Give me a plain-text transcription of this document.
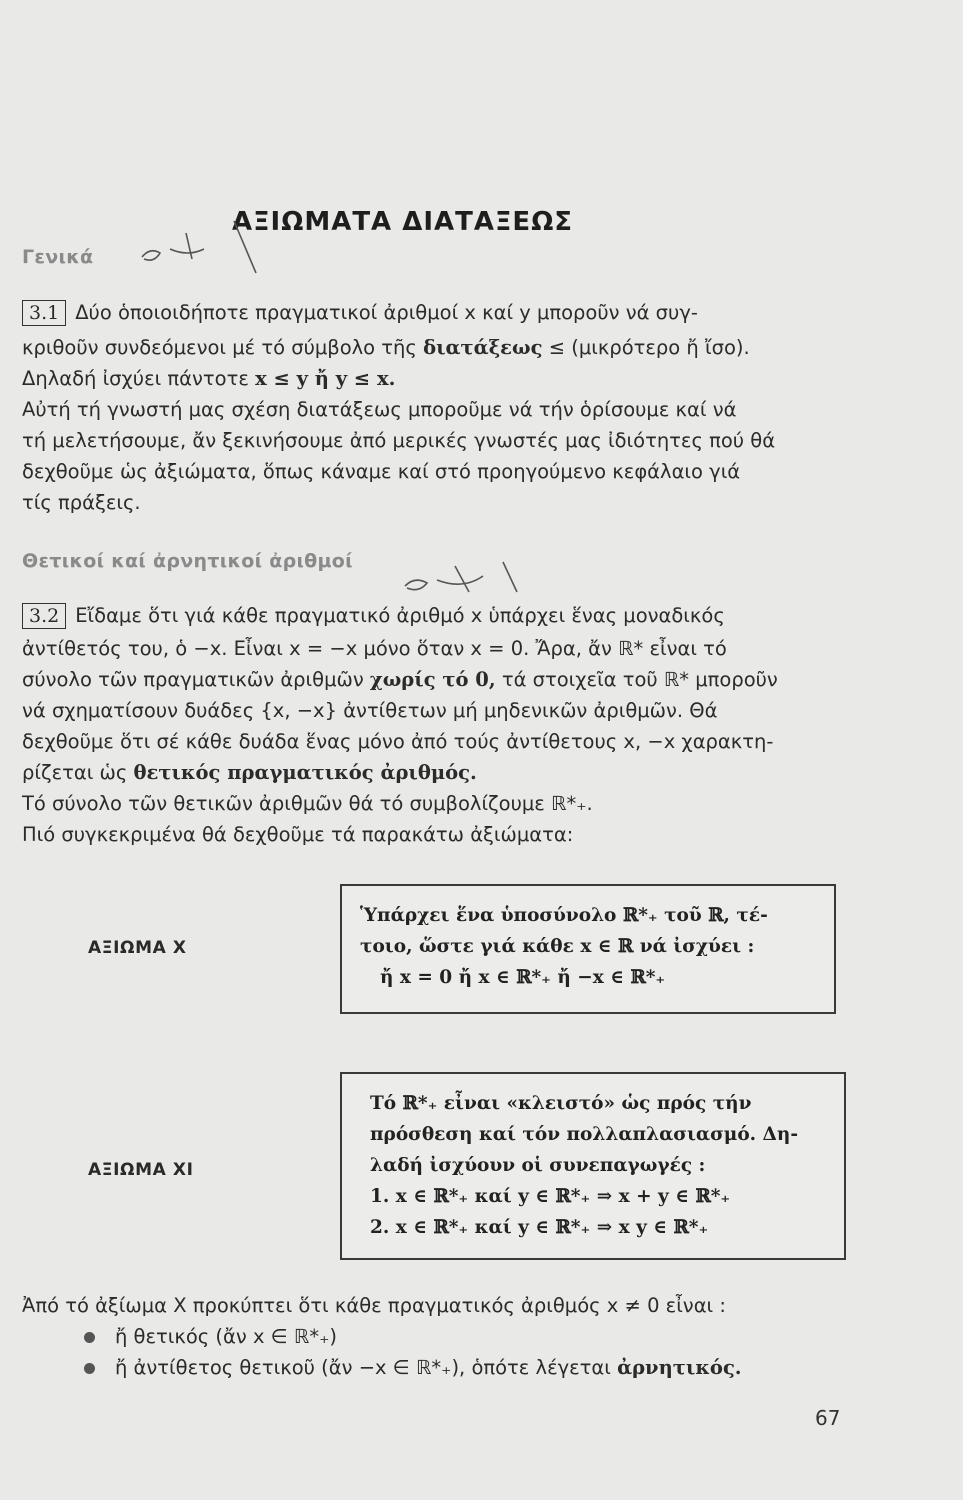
ΑΞΙΩΜΑΤΑ ΔΙΑΤΑΞΕΩΣ
Γενικά
3.1 Δύο ὁποιοιδήποτε πραγματικοί ἀριθμοί x καί y μποροῦν νά συγ-
κριθοῦν συνδεόμενοι μέ τό σύμβολο τῆς διατάξεως ≤ (μικρότερο ἤ ἴσο).
Δηλαδή ἰσχύει πάντοτε x ≤ y ἤ y ≤ x.
Αὐτή τή γνωστή μας σχέση διατάξεως μποροῦμε νά τήν ὁρίσουμε καί νά
τή μελετήσουμε, ἄν ξεκινήσουμε ἀπό μερικές γνωστές μας ἰδιότητες πού θά
δεχθοῦμε ὡς ἀξιώματα, ὅπως κάναμε καί στό προηγούμενο κεφάλαιο γιά
τίς πράξεις.
Θετικοί καί ἀρνητικοί ἀριθμοί
3.2 Εἴδαμε ὅτι γιά κάθε πραγματικό ἀριθμό x ὑπάρχει ἕνας μοναδικός
ἀντίθετός του, ὁ −x. Εἶναι x = −x μόνο ὅταν x = 0. Ἄρα, ἄν ℝ* εἶναι τό
σύνολο τῶν πραγματικῶν ἀριθμῶν χωρίς τό 0, τά στοιχεῖα τοῦ ℝ* μποροῦν
νά σχηματίσουν δυάδες {x, −x} ἀντίθετων μή μηδενικῶν ἀριθμῶν. Θά
δεχθοῦμε ὅτι σέ κάθε δυάδα ἕνας μόνο ἀπό τούς ἀντίθετους x, −x χαρακτη-
ρίζεται ὡς θετικός πραγματικός ἀριθμός.
Τό σύνολο τῶν θετικῶν ἀριθμῶν θά τό συμβολίζουμε ℝ*₊.
Πιό συγκεκριμένα θά δεχθοῦμε τά παρακάτω ἀξιώματα:
ΑΞΙΩΜΑ X
Ὑπάρχει ἕνα ὑποσύνολο ℝ*₊ τοῦ ℝ, τέ-
τοιο, ὥστε γιά κάθε x ∈ ℝ νά ἰσχύει :
ἤ x = 0 ἤ x ∈ ℝ*₊ ἤ −x ∈ ℝ*₊
ΑΞΙΩΜΑ XI
Τό ℝ*₊ εἶναι «κλειστό» ὡς πρός τήν
πρόσθεση καί τόν πολλαπλασιασμό. Δη-
λαδή ἰσχύουν οἱ συνεπαγωγές :
1. x ∈ ℝ*₊ καί y ∈ ℝ*₊ ⇒ x + y ∈ ℝ*₊
2. x ∈ ℝ*₊ καί y ∈ ℝ*₊ ⇒ x y ∈ ℝ*₊
Ἀπό τό ἀξίωμα X προκύπτει ὅτι κάθε πραγματικός ἀριθμός x ≠ 0 εἶναι :
ἤ θετικός (ἄν x ∈ ℝ*₊)
ἤ ἀντίθετος θετικοῦ (ἄν −x ∈ ℝ*₊), ὁπότε λέγεται ἀρνητικός.
67
